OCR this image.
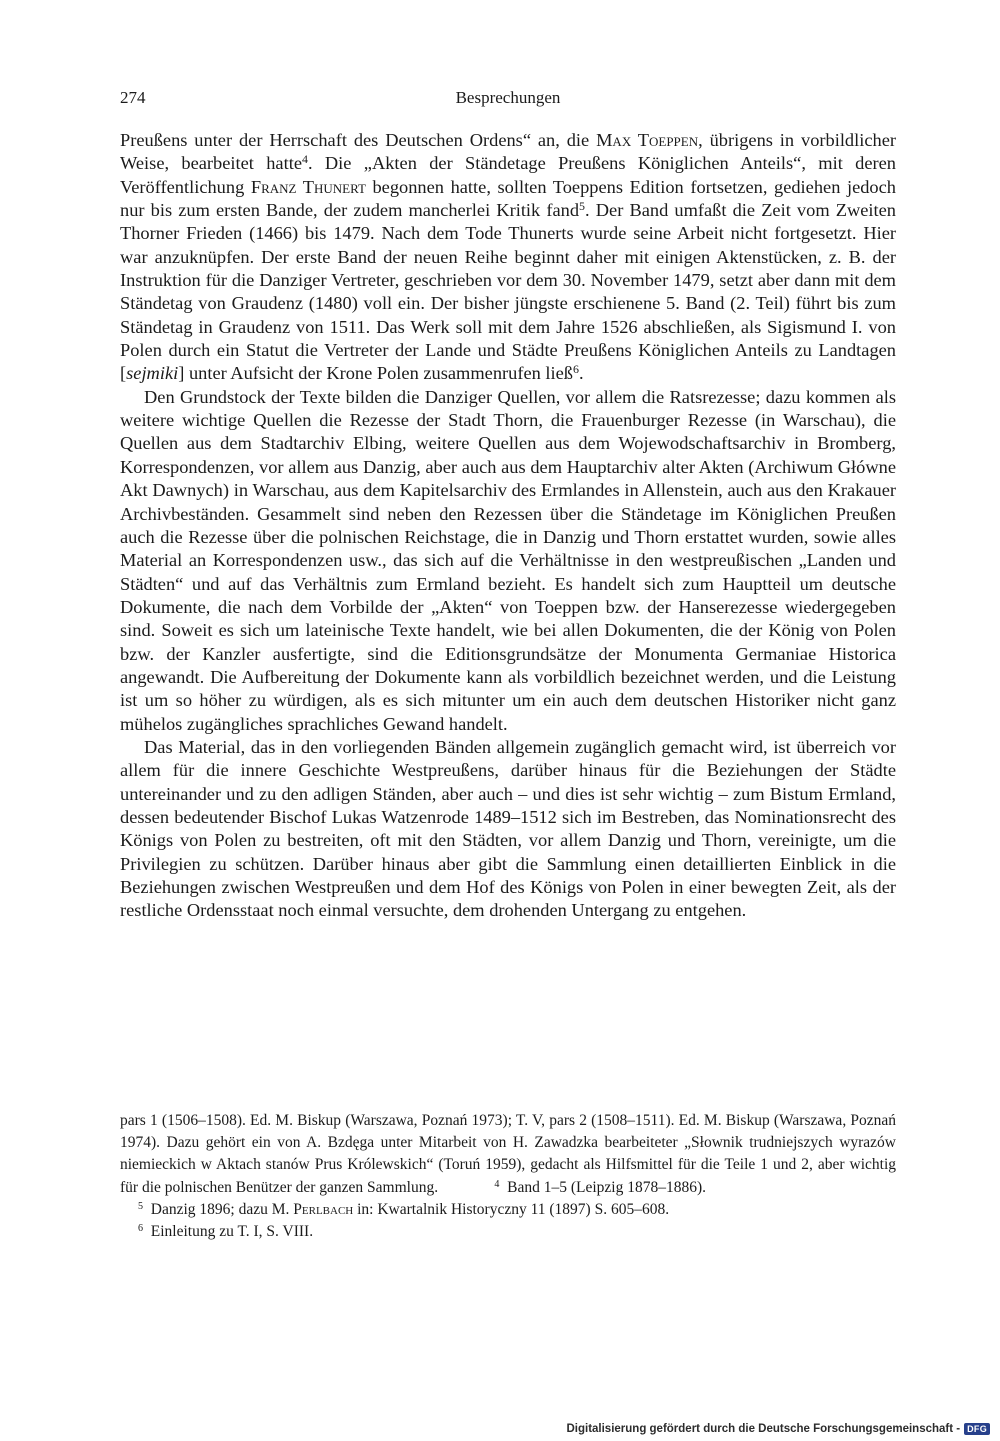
274	Besprechungen

Preußens unter der Herrschaft des Deutschen Ordens“ an, die Max Toeppen, übrigens in vorbildlicher Weise, bearbeitet hatte$^4$. Die „Akten der Ständetage Preußens Königlichen Anteils“, mit deren Veröffentlichung Franz Thunert begonnen hatte, sollten Toeppens Edition fortsetzen, gediehen jedoch nur bis zum ersten Bande, der zudem mancherlei Kritik fand$^5$. Der Band umfaßt die Zeit vom Zweiten Thorner Frieden (1466) bis 1479. Nach dem Tode Thunerts wurde seine Arbeit nicht fortgesetzt. Hier war anzuknüpfen. Der erste Band der neuen Reihe beginnt daher mit einigen Aktenstücken, z. B. der Instruktion für die Danziger Vertreter, geschrieben vor dem 30. November 1479, setzt aber dann mit dem Ständetag von Graudenz (1480) voll ein. Der bisher jüngste erschienene 5. Band (2. Teil) führt bis zum Ständetag in Graudenz von 1511. Das Werk soll mit dem Jahre 1526 abschließen, als Sigismund I. von Polen durch ein Statut die Vertreter der Lande und Städte Preußens Königlichen Anteils zu Landtagen [sejmiki] unter Aufsicht der Krone Polen zusammenrufen ließ$^6$.

Den Grundstock der Texte bilden die Danziger Quellen, vor allem die Ratsrezesse; dazu kommen als weitere wichtige Quellen die Rezesse der Stadt Thorn, die Frauenburger Rezesse (in Warschau), die Quellen aus dem Stadtarchiv Elbing, weitere Quellen aus dem Wojewodschaftsarchiv in Bromberg, Korrespondenzen, vor allem aus Danzig, aber auch aus dem Hauptarchiv alter Akten (Archiwum Główne Akt Dawnych) in Warschau, aus dem Kapitelsarchiv des Ermlandes in Allenstein, auch aus den Krakauer Archivbeständen. Gesammelt sind neben den Rezessen über die Ständetage im Königlichen Preußen auch die Rezesse über die polnischen Reichstage, die in Danzig und Thorn erstattet wurden, sowie alles Material an Korrespondenzen usw., das sich auf die Verhältnisse in den westpreußischen „Landen und Städten“ und auf das Verhältnis zum Ermland bezieht. Es handelt sich zum Hauptteil um deutsche Dokumente, die nach dem Vorbilde der „Akten“ von Toeppen bzw. der Hanserezesse wiedergegeben sind. Soweit es sich um lateinische Texte handelt, wie bei allen Dokumenten, die der König von Polen bzw. der Kanzler ausfertigte, sind die Editionsgrundsätze der Monumenta Germaniae Historica angewandt. Die Aufbereitung der Dokumente kann als vorbildlich bezeichnet werden, und die Leistung ist um so höher zu würdigen, als es sich mitunter um ein auch dem deutschen Historiker nicht ganz mühelos zugängliches sprachliches Gewand handelt.

Das Material, das in den vorliegenden Bänden allgemein zugänglich gemacht wird, ist überreich vor allem für die innere Geschichte Westpreußens, darüber hinaus für die Beziehungen der Städte untereinander und zu den adligen Ständen, aber auch – und dies ist sehr wichtig – zum Bistum Ermland, dessen bedeutender Bischof Lukas Watzenrode 1489–1512 sich im Bestreben, das Nominationsrecht des Königs von Polen zu bestreiten, oft mit den Städten, vor allem Danzig und Thorn, vereinigte, um die Privilegien zu schützen. Darüber hinaus aber gibt die Sammlung einen detaillierten Einblick in die Beziehungen zwischen Westpreußen und dem Hof des Königs von Polen in einer bewegten Zeit, als der restliche Ordensstaat noch einmal versuchte, dem drohenden Untergang zu entgehen.

pars 1 (1506–1508). Ed. M. Biskup (Warszawa, Poznań 1973); T. V, pars 2 (1508–1511). Ed. M. Biskup (Warszawa, Poznań 1974). Dazu gehört ein von A. Bzdęga unter Mitarbeit von H. Zawadzka bearbeiteter „Słownik trudniejszych wyrazów niemieckich w Aktach stanów Prus Królewskich“ (Toruń 1959), gedacht als Hilfsmittel für die Teile 1 und 2, aber wichtig für die polnischen Benützer der ganzen Sammlung.	$^4$ Band 1–5 (Leipzig 1878–1886).

$^5$ Danzig 1896; dazu M. Perlbach in: Kwartalnik Historyczny 11 (1897) S. 605–608.

$^6$ Einleitung zu T. I, S. VIII.

Digitalisierung gefördert durch die Deutsche Forschungsgemeinschaft - DFG
